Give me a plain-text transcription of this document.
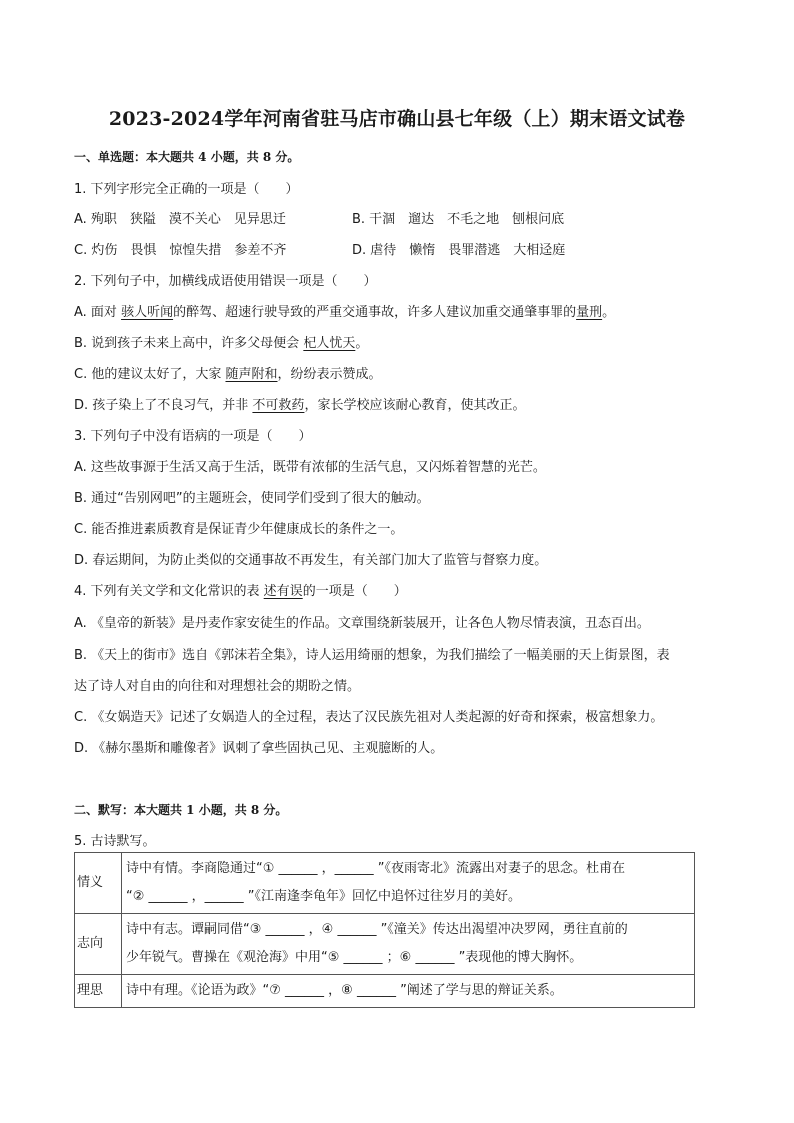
2023-2024学年河南省驻马店市确山县七年级（上）期末语文试卷
一、单选题：本大题共 4 小题，共 8 分。
1. 下列字形完全正确的一项是（　　）
A. 殉职　狭隘　漠不关心　见异思迁	B. 干涸　遛达　不毛之地　刨根问底
C. 灼伤　畏惧　惊惶失措　参差不齐	D. 虐待　懒惰　畏罪潜逃　大相迳庭
2. 下列句子中，加横线成语使用错误一项是（　　）
A. 面对 骇人听闻的醉驾、超速行驶导致的严重交通事故，许多人建议加重交通肇事罪的量刑。
B. 说到孩子未来上高中，许多父母便会 杞人忧天。
C. 他的建议太好了，大家 随声附和，纷纷表示赞成。
D. 孩子染上了不良习气，并非 不可救药，家长学校应该耐心教育，使其改正。
3. 下列句子中没有语病的一项是（　　）
A. 这些故事源于生活又高于生活，既带有浓郁的生活气息，又闪烁着智慧的光芒。
B. 通过“告别网吧”的主题班会，使同学们受到了很大的触动。
C. 能否推进素质教育是保证青少年健康成长的条件之一。
D. 春运期间，为防止类似的交通事故不再发生，有关部门加大了监管与督察力度。
4. 下列有关文学和文化常识的表 述有误的一项是（　　）
A. 《皇帝的新装》是丹麦作家安徒生的作品。文章围绕新装展开，让各色人物尽情表演，丑态百出。
B. 《天上的街市》选自《郭沫若全集》，诗人运用绮丽的想象，为我们描绘了一幅美丽的天上街景图，表
达了诗人对自由的向往和对理想社会的期盼之情。
C. 《女娲造天》记述了女娲造人的全过程，表达了汉民族先祖对人类起源的好奇和探索，极富想象力。
D. 《赫尔墨斯和雕像者》讽刺了拿些固执己见、主观臆断的人。
二、默写：本大题共 1 小题，共 8 分。
5. 古诗默写。
情义	诗中有情。李商隐通过“① ______ ，______ ”《夜雨寄北》流露出对妻子的思念。杜甫在
“② ______ ，______ ”《江南逢李龟年》回忆中追怀过往岁月的美好。

志向	诗中有志。谭嗣同借“③ ______ ，④ ______ ”《潼关》传达出渴望冲决罗网，勇往直前的
少年锐气。曹操在《观沧海》中用“⑤ ______ ；⑥ ______ ”表现他的博大胸怀。

理思	诗中有理。《论语为政》“⑦ ______ ，⑧ ______ ”阐述了学与思的辩证关系。
